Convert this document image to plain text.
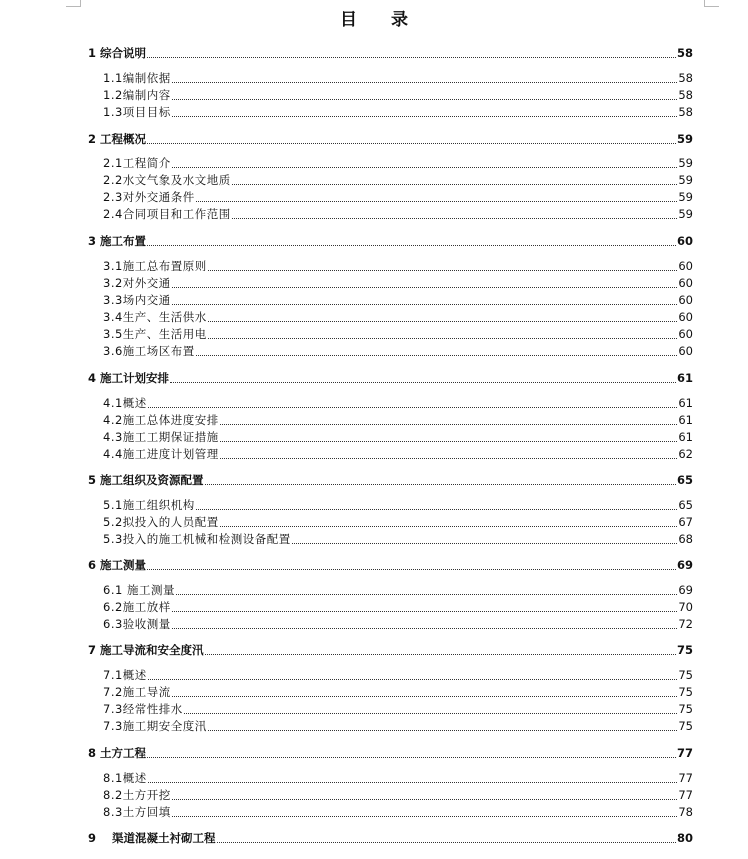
目 录
1 综合说明	58
1.1编制依据	58
1.2编制内容	58
1.3项目目标	58
2 工程概况	59
2.1工程简介	59
2.2水文气象及水文地质	59
2.3对外交通条件	59
2.4合同项目和工作范围	59
3 施工布置	60
3.1施工总布置原则	60
3.2对外交通	60
3.3场内交通	60
3.4生产、生活供水	60
3.5生产、生活用电	60
3.6施工场区布置	60
4 施工计划安排	61
4.1概述	61
4.2施工总体进度安排	61
4.3施工工期保证措施	61
4.4施工进度计划管理	62
5 施工组织及资源配置	65
5.1施工组织机构	65
5.2拟投入的人员配置	67
5.3投入的施工机械和检测设备配置	68
6 施工测量	69
6.1 施工测量	69
6.2施工放样	70
6.3验收测量	72
7 施工导流和安全度汛	75
7.1概述	75
7.2施工导流	75
7.3经常性排水	75
7.3施工期安全度汛	75
8 土方工程	77
8.1概述	77
8.2土方开挖	77
8.3土方回填	78
9    渠道混凝土衬砌工程	80
